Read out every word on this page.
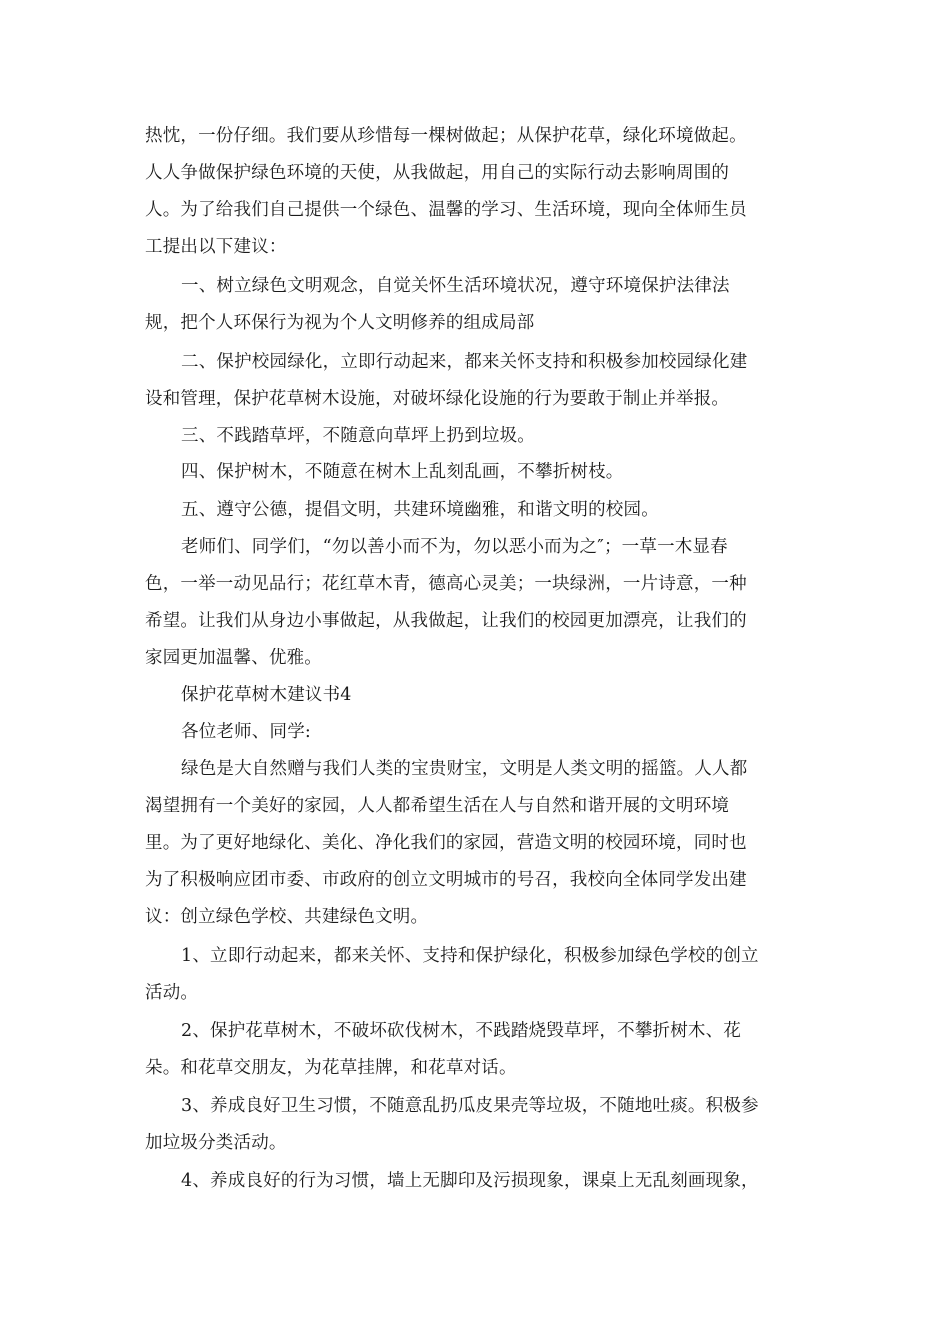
热忱，一份仔细。我们要从珍惜每一棵树做起；从保护花草，绿化环境做起。
人人争做保护绿色环境的天使，从我做起，用自己的实际行动去影响周围的
人。为了给我们自己提供一个绿色、温馨的学习、生活环境，现向全体师生员
工提出以下建议：
一、树立绿色文明观念，自觉关怀生活环境状况，遵守环境保护法律法
规，把个人环保行为视为个人文明修养的组成局部
二、保护校园绿化，立即行动起来，都来关怀支持和积极参加校园绿化建
设和管理，保护花草树木设施，对破坏绿化设施的行为要敢于制止并举报。
三、不践踏草坪，不随意向草坪上扔到垃圾。
四、保护树木，不随意在树木上乱刻乱画，不攀折树枝。
五、遵守公德，提倡文明，共建环境幽雅，和谐文明的校园。
老师们、同学们，“勿以善小而不为，勿以恶小而为之″；一草一木显春
色，一举一动见品行；花红草木青，德高心灵美；一块绿洲，一片诗意，一种
希望。让我们从身边小事做起，从我做起，让我们的校园更加漂亮，让我们的
家园更加温馨、优雅。
保护花草树木建议书4
各位老师、同学:
绿色是大自然赠与我们人类的宝贵财宝，文明是人类文明的摇篮。人人都
渴望拥有一个美好的家园，人人都希望生活在人与自然和谐开展的文明环境
里。为了更好地绿化、美化、净化我们的家园，营造文明的校园环境，同时也
为了积极响应团市委、市政府的创立文明城市的号召，我校向全体同学发出建
议：创立绿色学校、共建绿色文明。
1、立即行动起来，都来关怀、支持和保护绿化，积极参加绿色学校的创立
活动。
2、保护花草树木，不破坏砍伐树木，不践踏烧毁草坪，不攀折树木、花
朵。和花草交朋友，为花草挂牌，和花草对话。
3、养成良好卫生习惯，不随意乱扔瓜皮果壳等垃圾，不随地吐痰。积极参
加垃圾分类活动。
4、养成良好的行为习惯，墙上无脚印及污损现象，课桌上无乱刻画现象，
